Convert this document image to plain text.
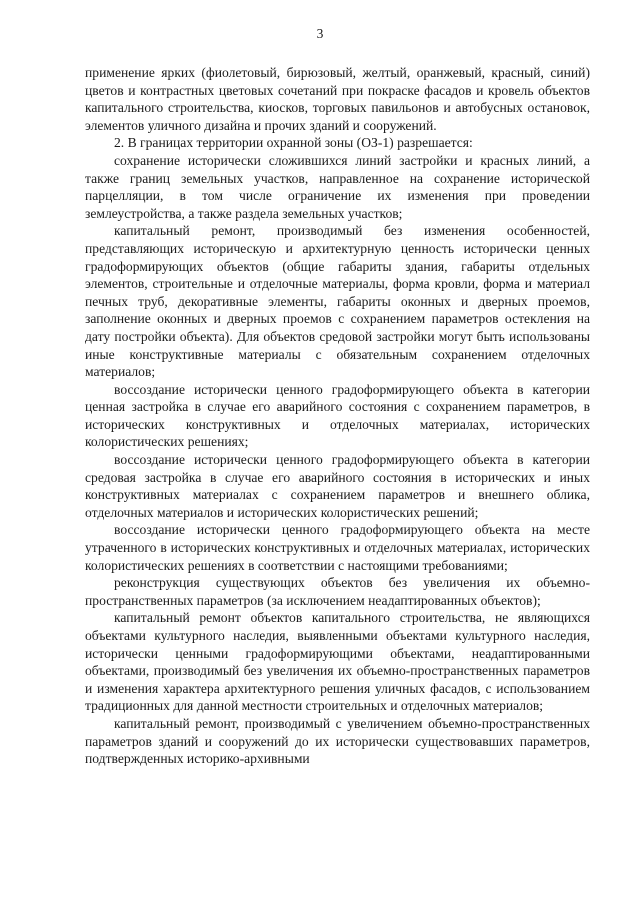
3

применение ярких (фиолетовый, бирюзовый, желтый, оранжевый, красный, синий) цветов и контрастных цветовых сочетаний при покраске фасадов и кровель объектов капитального строительства, киосков, торговых павильонов и автобусных остановок, элементов уличного дизайна и прочих зданий и сооружений.

2. В границах территории охранной зоны (ОЗ-1) разрешается:

сохранение исторически сложившихся линий застройки и красных линий, а также границ земельных участков, направленное на сохранение исторической парцелляции, в том числе ограничение их изменения при проведении землеустройства, а также раздела земельных участков;

капитальный ремонт, производимый без изменения особенностей, представляющих историческую и архитектурную ценность исторически ценных градоформирующих объектов (общие габариты здания, габариты отдельных элементов, строительные и отделочные материалы, форма кровли, форма и материал печных труб, декоративные элементы, габариты оконных и дверных проемов, заполнение оконных и дверных проемов с сохранением параметров остекления на дату постройки объекта). Для объектов средовой застройки могут быть использованы иные конструктивные материалы с обязательным сохранением отделочных материалов;

воссоздание исторически ценного градоформирующего объекта в категории ценная застройка в случае его аварийного состояния с сохранением параметров, в исторических конструктивных и отделочных материалах, исторических колористических решениях;

воссоздание исторически ценного градоформирующего объекта в категории средовая застройка в случае его аварийного состояния в исторических и иных конструктивных материалах с сохранением параметров и внешнего облика, отделочных материалов и исторических колористических решений;

воссоздание исторически ценного градоформирующего объекта на месте утраченного в исторических конструктивных и отделочных материалах, исторических колористических решениях в соответствии с настоящими требованиями;

реконструкция существующих объектов без увеличения их объемно-пространственных параметров (за исключением неадаптированных объектов);

капитальный ремонт объектов капитального строительства, не являющихся объектами культурного наследия, выявленными объектами культурного наследия, исторически ценными градоформирующими объектами, неадаптированными объектами, производимый без увеличения их объемно-пространственных параметров и изменения характера архитектурного решения уличных фасадов, с использованием традиционных для данной местности строительных и отделочных материалов;

капитальный ремонт, производимый с увеличением объемно-пространственных параметров зданий и сооружений до их исторически существовавших параметров, подтвержденных историко-архивными
